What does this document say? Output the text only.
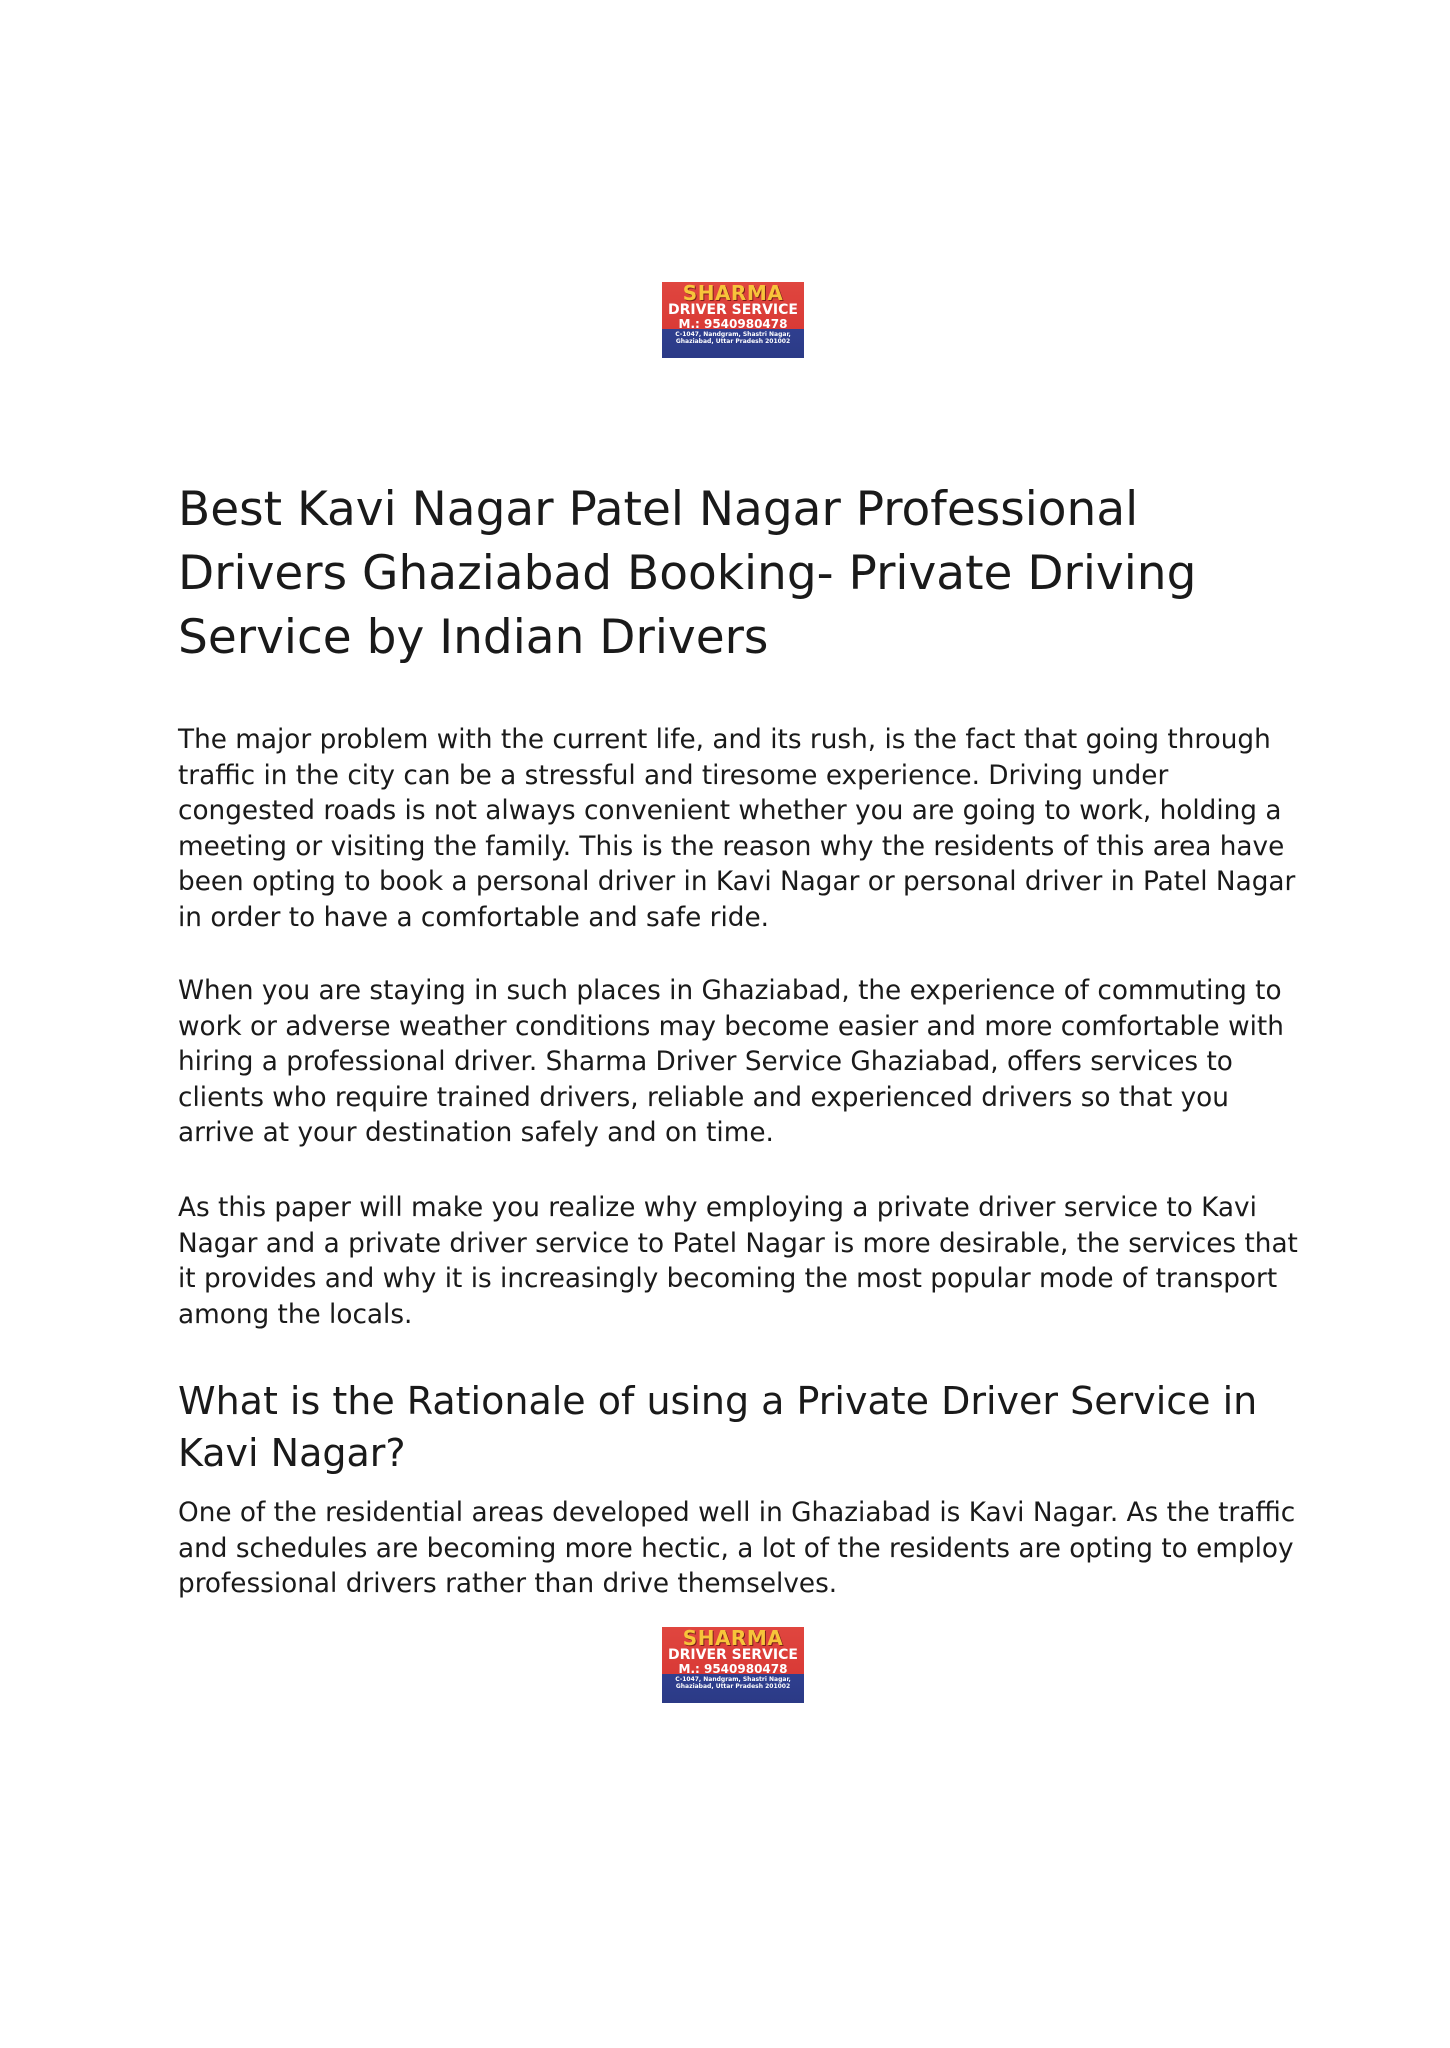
SHARMA
DRIVER SERVICE
M.: 9540980478
C-1047, Nandgram, Shastri Nagar, Ghaziabad, Uttar Pradesh 201002
Best Kavi Nagar Patel Nagar Professional Drivers Ghaziabad Booking- Private Driving Service by Indian Drivers

The major problem with the current life, and its rush, is the fact that going through traffic in the city can be a stressful and tiresome experience. Driving under congested roads is not always convenient whether you are going to work, holding a meeting or visiting the family. This is the reason why the residents of this area have been opting to book a personal driver in Kavi Nagar or personal driver in Patel Nagar in order to have a comfortable and safe ride.

When you are staying in such places in Ghaziabad, the experience of commuting to work or adverse weather conditions may become easier and more comfortable with hiring a professional driver. Sharma Driver Service Ghaziabad, offers services to clients who require trained drivers, reliable and experienced drivers so that you arrive at your destination safely and on time.

As this paper will make you realize why employing a private driver service to Kavi Nagar and a private driver service to Patel Nagar is more desirable, the services that it provides and why it is increasingly becoming the most popular mode of transport among the locals.

What is the Rationale of using a Private Driver Service in Kavi Nagar?

One of the residential areas developed well in Ghaziabad is Kavi Nagar. As the traffic and schedules are becoming more hectic, a lot of the residents are opting to employ professional drivers rather than drive themselves.

SHARMA
DRIVER SERVICE
M.: 9540980478
C-1047, Nandgram, Shastri Nagar, Ghaziabad, Uttar Pradesh 201002
